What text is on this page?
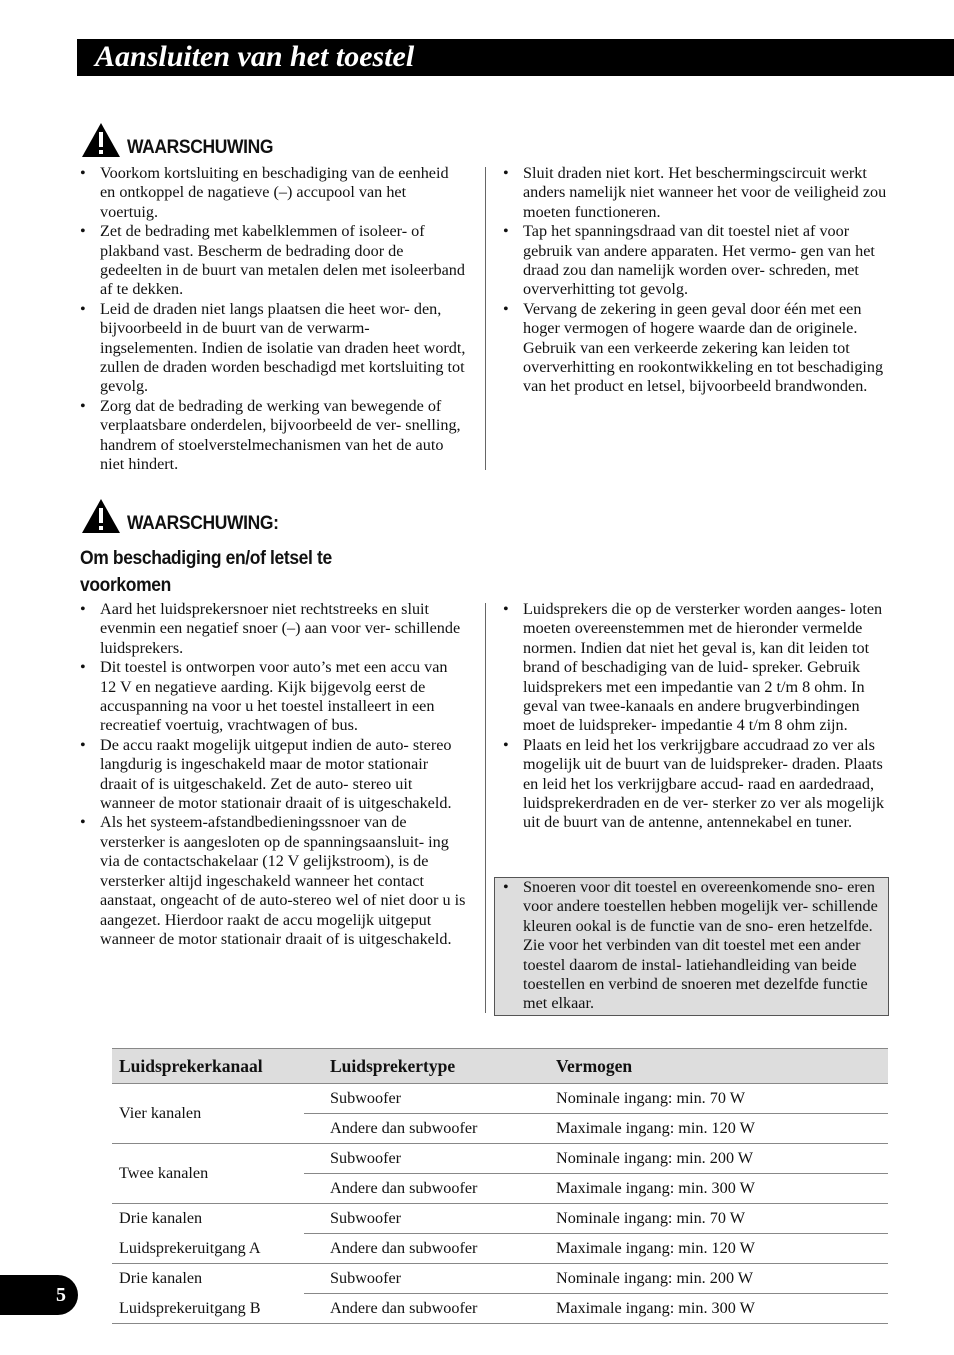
Aansluiten van het toestel
WAARSCHUWING
• Voorkom kortsluiting en beschadiging van de eenheid en ontkoppel de nagatieve (–) accupool van het voertuig.
• Zet de bedrading met kabelklemmen of isoleer- of plakband vast. Bescherm de bedrading door de gedeelten in de buurt van metalen delen met isoleerband af te dekken.
• Leid de draden niet langs plaatsen die heet wor- den, bijvoorbeeld in de buurt van de verwarm- ingselementen. Indien de isolatie van draden heet wordt, zullen de draden worden beschadigd met kortsluiting tot gevolg.
• Zorg dat de bedrading de werking van bewegende of verplaatsbare onderdelen, bijvoorbeeld de ver- snelling, handrem of stoelverstelmechanismen van het de auto niet hindert.
• Sluit draden niet kort. Het beschermingscircuit werkt anders namelijk niet wanneer het voor de veiligheid zou moeten functioneren.
• Tap het spanningsdraad van dit toestel niet af voor gebruik van andere apparaten. Het vermo- gen van het draad zou dan namelijk worden over- schreden, met oververhitting tot gevolg.
• Vervang de zekering in geen geval door één met een hoger vermogen of hogere waarde dan de originele. Gebruik van een verkeerde zekering kan leiden tot oververhitting en rookontwikkeling en tot beschadiging van het product en letsel, bijvoorbeeld brandwonden.
WAARSCHUWING:
Om beschadiging en/of letsel te voorkomen
• Aard het luidsprekersnoer niet rechtstreeks en sluit evenmin een negatief snoer (–) aan voor ver- schillende luidsprekers.
• Dit toestel is ontworpen voor auto’s met een accu van 12 V en negatieve aarding. Kijk bijgevolg eerst de accuspanning na voor u het toestel installeert in een recreatief voertuig, vrachtwagen of bus.
• De accu raakt mogelijk uitgeput indien de auto- stereo langdurig is ingeschakeld maar de motor stationair draait of is uitgeschakeld. Zet de auto- stereo uit wanneer de motor stationair draait of is uitgeschakeld.
• Als het systeem-afstandbedieningssnoer van de versterker is aangesloten op de spanningsaansluit- ing via de contactschakelaar (12 V gelijkstroom), is de versterker altijd ingeschakeld wanneer het contact aanstaat, ongeacht of de auto-stereo wel of niet door u is aangezet. Hierdoor raakt de accu mogelijk uitgeput wanneer de motor stationair draait of is uitgeschakeld.
• Luidsprekers die op de versterker worden aanges- loten moeten overeenstemmen met de hieronder vermelde normen. Indien dat niet het geval is, kan dit leiden tot brand of beschadiging van de luid- spreker. Gebruik luidsprekers met een impedantie van 2 t/m 8 ohm. In geval van twee-kanaals en andere brugverbindingen moet de luidspreker- impedantie 4 t/m 8 ohm zijn.
• Plaats en leid het los verkrijgbare accudraad zo ver als mogelijk uit de buurt van de luidspreker- draden. Plaats en leid het los verkrijgbare accud- raad en aardedraad, luidsprekerdraden en de ver- sterker zo ver als mogelijk uit de buurt van de antenne, antennekabel en tuner.
• Snoeren voor dit toestel en overeenkomende sno- eren voor andere toestellen hebben mogelijk ver- schillende kleuren ookal is de functie van de sno- eren hetzelfde. Zie voor het verbinden van dit toestel met een ander toestel daarom de instal- latiehandleiding van beide toestellen en verbind de snoeren met dezelfde functie met elkaar.
Luidsprekerkanaal	Luidsprekertype	Vermogen
Vier kanalen	Subwoofer	Nominale ingang: min. 70 W
	Andere dan subwoofer	Maximale ingang: min. 120 W
Twee kanalen	Subwoofer	Nominale ingang: min. 200 W
	Andere dan subwoofer	Maximale ingang: min. 300 W
Drie kanalen	Subwoofer	Nominale ingang: min. 70 W
Luidsprekeruitgang A	Andere dan subwoofer	Maximale ingang: min. 120 W
Drie kanalen	Subwoofer	Nominale ingang: min. 200 W
Luidsprekeruitgang B	Andere dan subwoofer	Maximale ingang: min. 300 W
5
